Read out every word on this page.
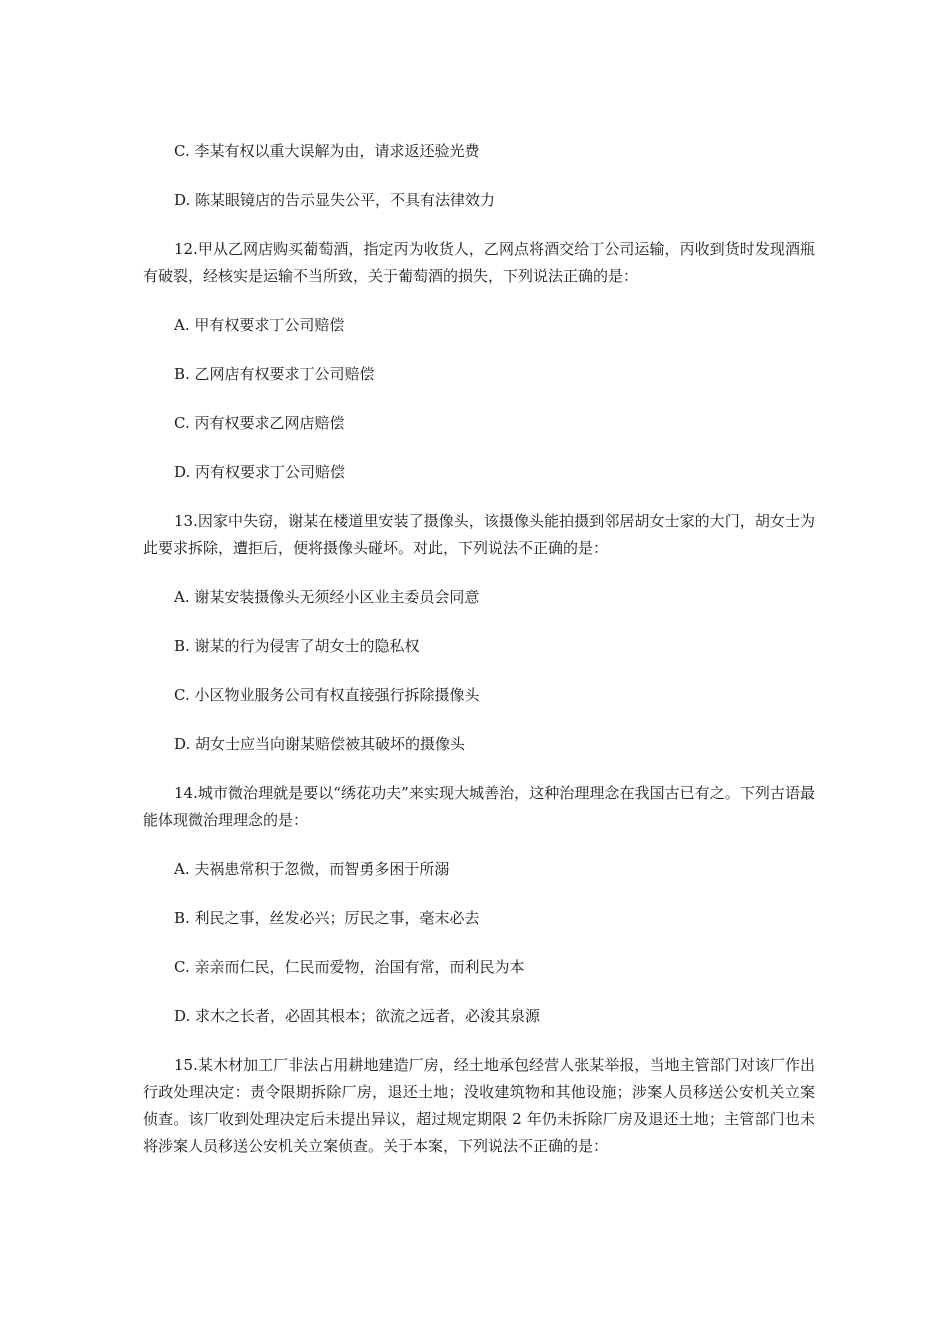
C. 李某有权以重大误解为由，请求返还验光费

D. 陈某眼镜店的告示显失公平，不具有法律效力

12.甲从乙网店购买葡萄酒，指定丙为收货人，乙网点将酒交给丁公司运输，丙收到货时发现酒瓶有破裂，经核实是运输不当所致，关于葡萄酒的损失，下列说法正确的是：

A. 甲有权要求丁公司赔偿

B. 乙网店有权要求丁公司赔偿

C. 丙有权要求乙网店赔偿

D. 丙有权要求丁公司赔偿

13.因家中失窃，谢某在楼道里安装了摄像头，该摄像头能拍摄到邻居胡女士家的大门，胡女士为此要求拆除，遭拒后，便将摄像头碰坏。对此，下列说法不正确的是：

A. 谢某安装摄像头无须经小区业主委员会同意

B. 谢某的行为侵害了胡女士的隐私权

C. 小区物业服务公司有权直接强行拆除摄像头

D. 胡女士应当向谢某赔偿被其破坏的摄像头

14.城市微治理就是要以“绣花功夫”来实现大城善治，这种治理理念在我国古已有之。下列古语最能体现微治理理念的是：

A. 夫祸患常积于忽微，而智勇多困于所溺

B. 利民之事，丝发必兴；厉民之事，毫末必去

C. 亲亲而仁民，仁民而爱物，治国有常，而利民为本

D. 求木之长者，必固其根本；欲流之远者，必浚其泉源

15.某木材加工厂非法占用耕地建造厂房，经土地承包经营人张某举报，当地主管部门对该厂作出行政处理决定：责令限期拆除厂房，退还土地；没收建筑物和其他设施；涉案人员移送公安机关立案侦查。该厂收到处理决定后未提出异议，超过规定期限 2 年仍未拆除厂房及退还土地；主管部门也未将涉案人员移送公安机关立案侦查。关于本案，下列说法不正确的是：
